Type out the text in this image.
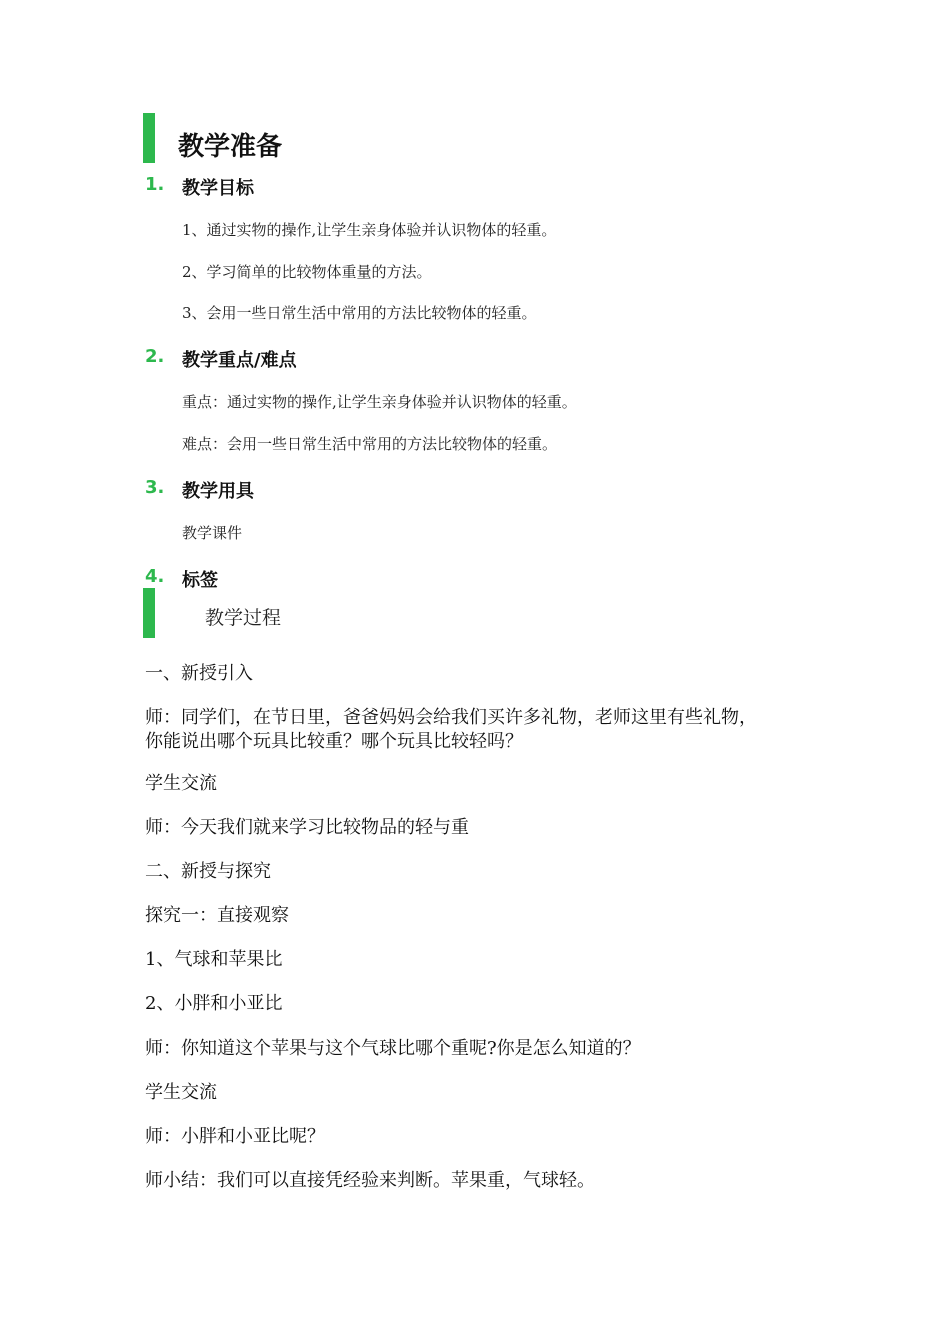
教学准备
1. 教学目标
1、通过实物的操作,让学生亲身体验并认识物体的轻重。
2、学习简单的比较物体重量的方法。
3、会用一些日常生活中常用的方法比较物体的轻重。
2. 教学重点/难点
重点：通过实物的操作,让学生亲身体验并认识物体的轻重。
难点：会用一些日常生活中常用的方法比较物体的轻重。
3. 教学用具
教学课件
4. 标签
教学过程
一、新授引入
师：同学们，在节日里，爸爸妈妈会给我们买许多礼物，老师这里有些礼物，
你能说出哪个玩具比较重？哪个玩具比较轻吗？
学生交流
师：今天我们就来学习比较物品的轻与重
二、新授与探究
探究一：直接观察
1、气球和苹果比
2、小胖和小亚比
师：你知道这个苹果与这个气球比哪个重呢?你是怎么知道的？
学生交流
师：小胖和小亚比呢？
师小结：我们可以直接凭经验来判断。苹果重，气球轻。
